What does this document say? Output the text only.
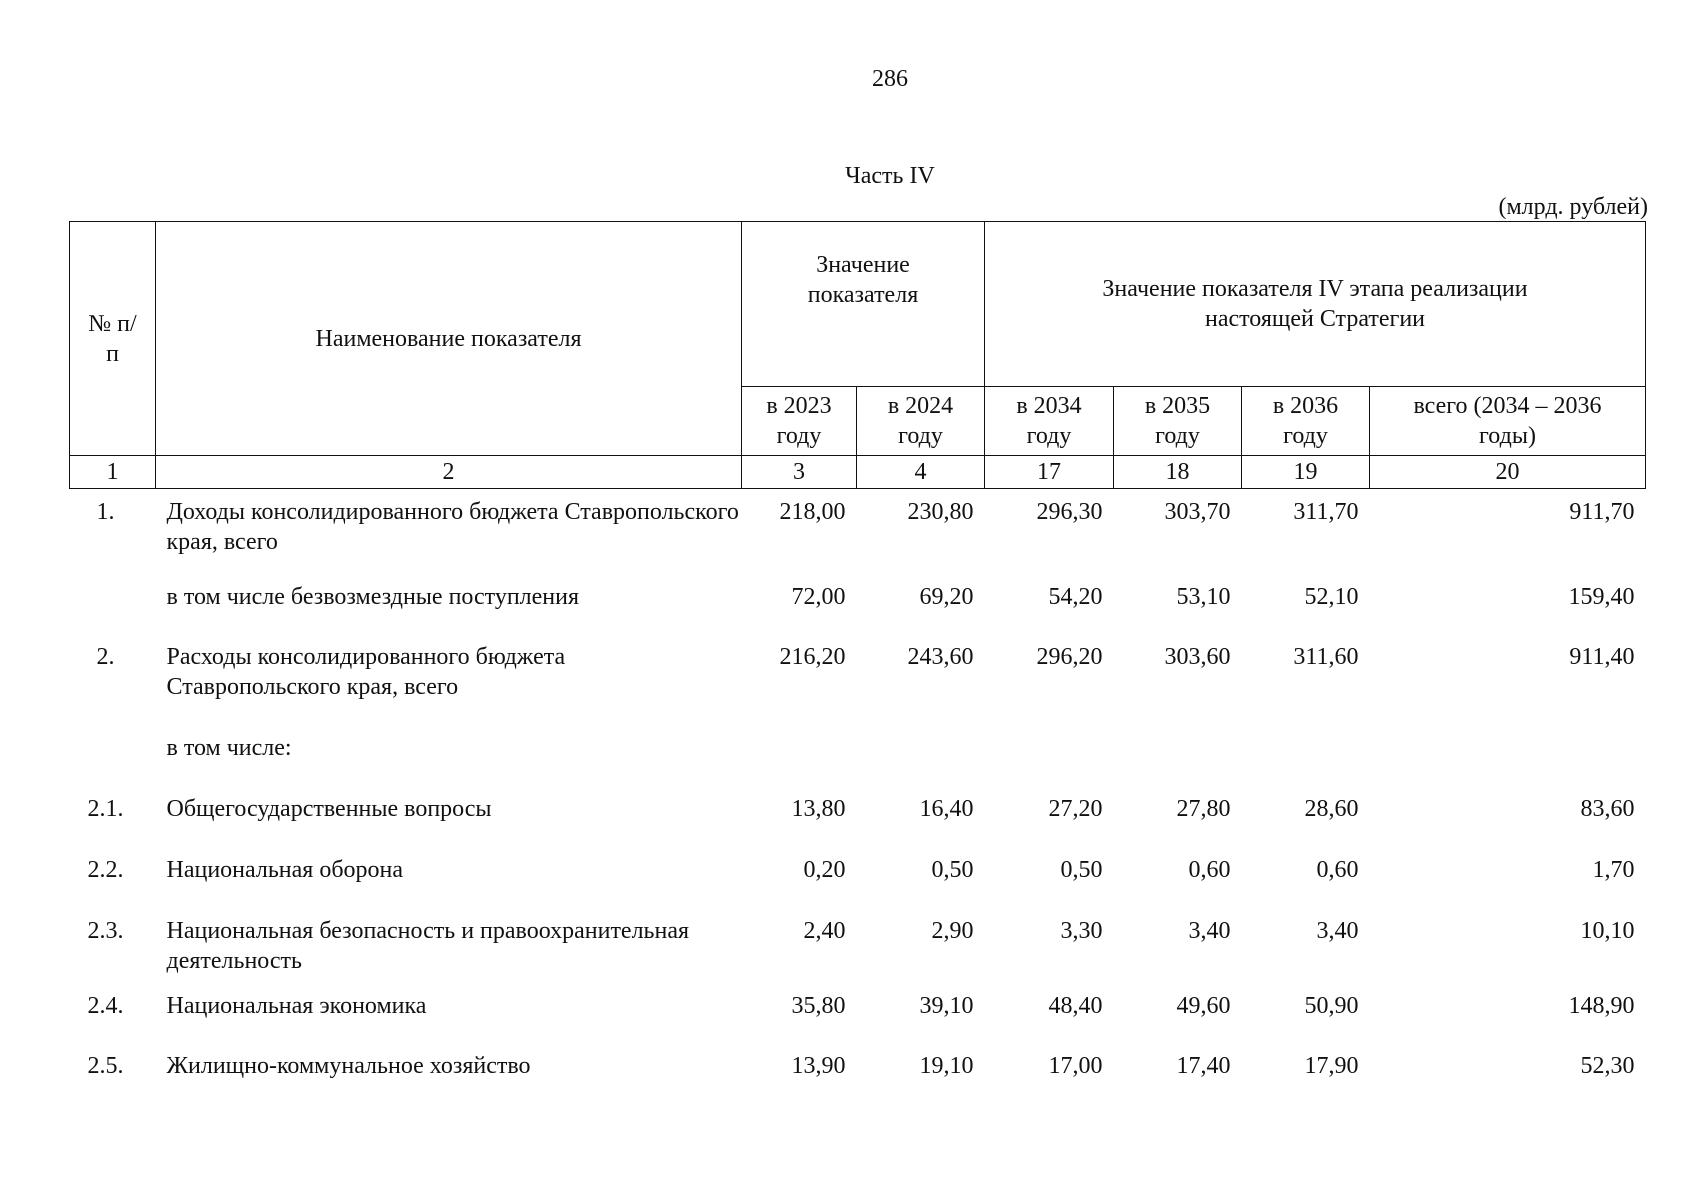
286
Часть IV
(млрд. рублей)
№ п/п	Наименование показателя	Значение показателя		Значение показателя IV этапа реализации настоящей Стратегии			

		в 2023 году	в 2024 году	в 2034 году	в 2035 году	в 2036 году	всего (2034 – 2036 годы)

1	2	3	4	17	18	19	20
1.	Доходы консолидированного бюджета Ставропольского края, всего	218,00	230,80	296,30	303,70	311,70	911,70
	в том числе безвозмездные поступления	72,00	69,20	54,20	53,10	52,10	159,40
2.	Расходы консолидированного бюджета Ставропольского края, всего	216,20	243,60	296,20	303,60	311,60	911,40
	в том числе:						
2.1.	Общегосударственные вопросы	13,80	16,40	27,20	27,80	28,60	83,60
2.2.	Национальная оборона	0,20	0,50	0,50	0,60	0,60	1,70
2.3.	Национальная безопасность и правоохранительная деятельность	2,40	2,90	3,30	3,40	3,40	10,10
2.4.	Национальная экономика	35,80	39,10	48,40	49,60	50,90	148,90
2.5.	Жилищно-коммунальное хозяйство	13,90	19,10	17,00	17,40	17,90	52,30
